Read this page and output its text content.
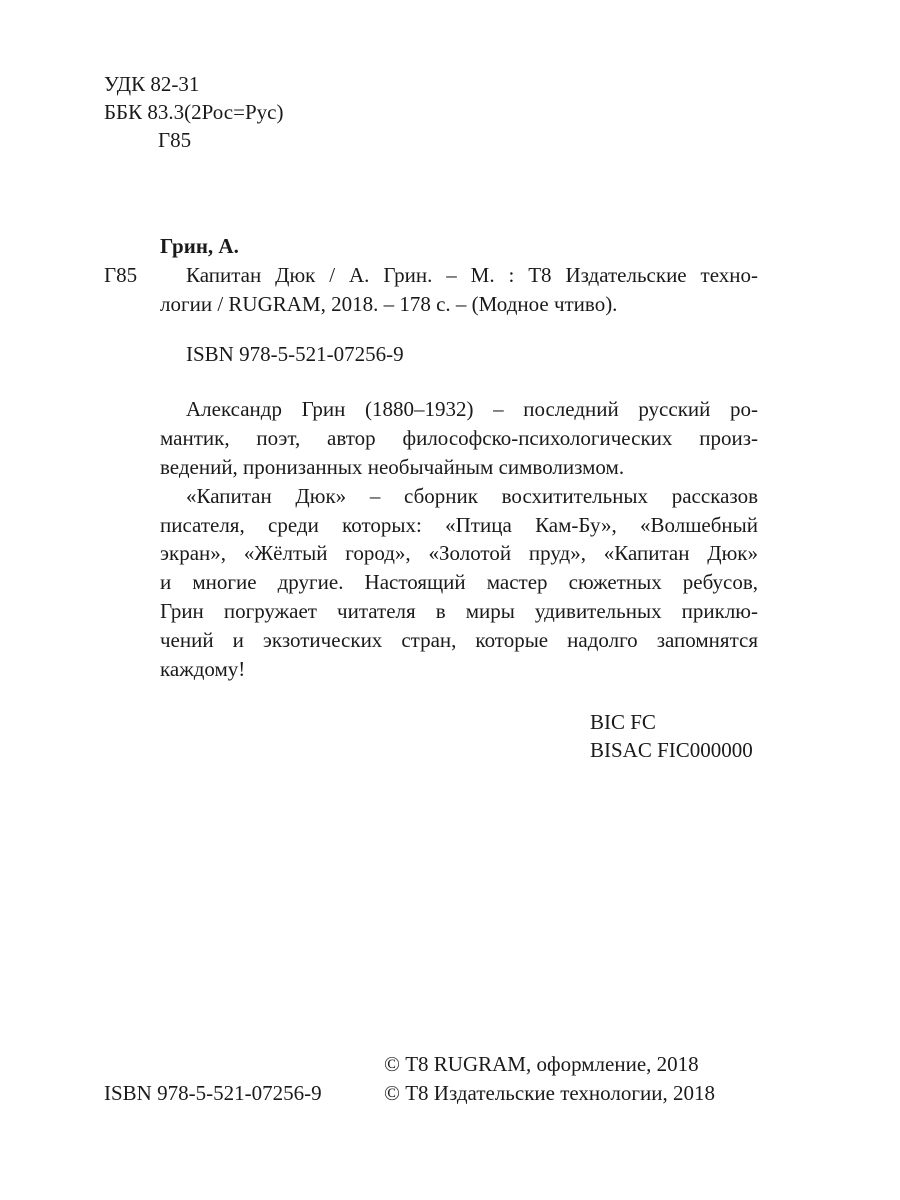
УДК 82-31
ББК 83.3(2Рос=Рус)
Г85
Грин, А.
Г85 Капитан Дюк / А. Грин. – М. : Т8 Издательские техно-
логии / RUGRAM, 2018. – 178 с. – (Модное чтиво).
ISBN 978-5-521-07256-9
Александр Грин (1880–1932) – последний русский ро-
мантик, поэт, автор философско-психологических произ-
ведений, пронизанных необычайным символизмом.
«Капитан Дюк» – сборник восхитительных рассказов
писателя, среди которых: «Птица Кам-Бу», «Волшебный
экран», «Жёлтый город», «Золотой пруд», «Капитан Дюк»
и многие другие. Настоящий мастер сюжетных ребусов,
Грин погружает читателя в миры удивительных приклю-
чений и экзотических стран, которые надолго запомнятся
каждому!
BIC FC
BISAC FIC000000
© Т8 RUGRAM, оформление, 2018
ISBN 978-5-521-07256-9	© Т8 Издательские технологии, 2018
